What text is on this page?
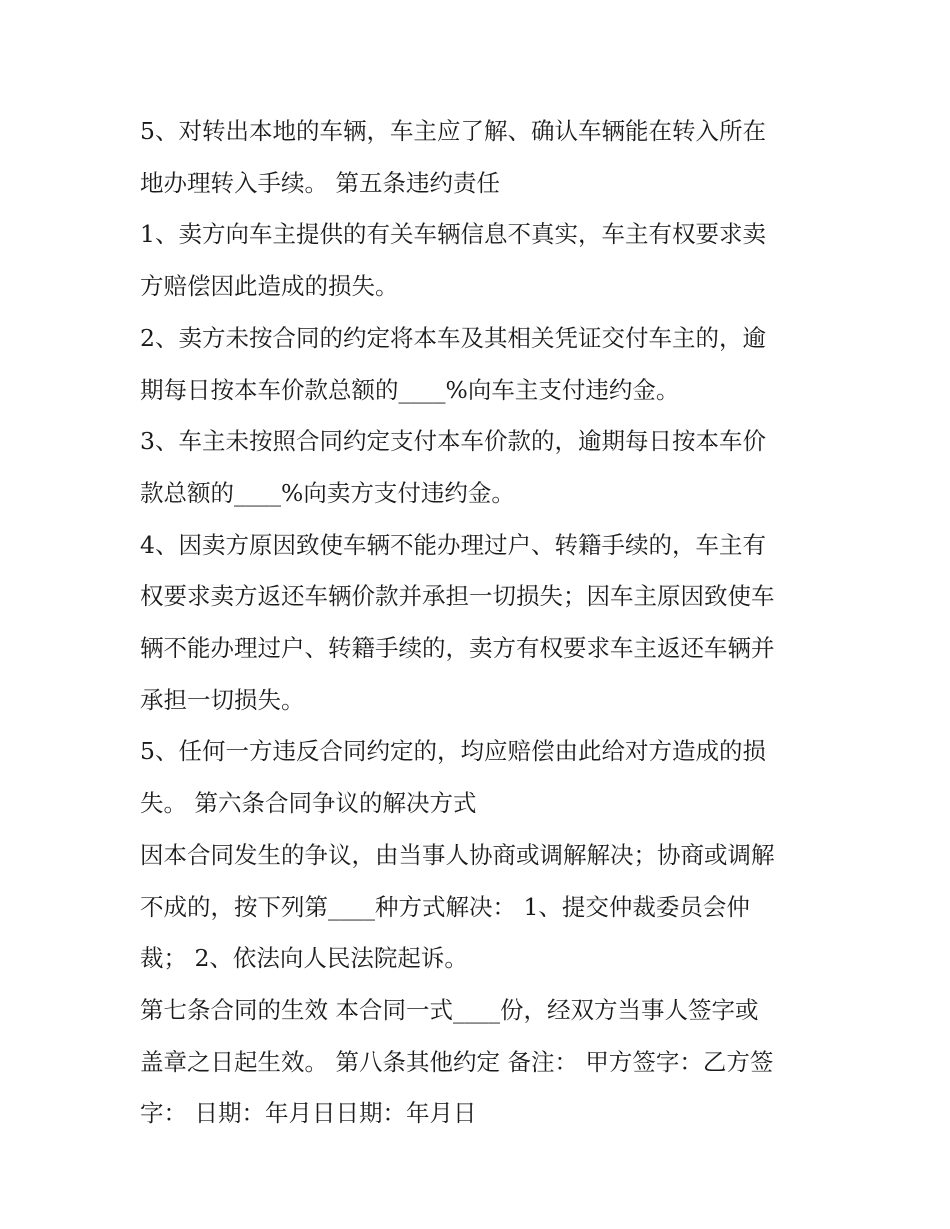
5、对转出本地的车辆，车主应了解、确认车辆能在转入所在
地办理转入手续。 第五条违约责任

1、卖方向车主提供的有关车辆信息不真实，车主有权要求卖
方赔偿因此造成的损失。

2、卖方未按合同的约定将本车及其相关凭证交付车主的，逾
期每日按本车价款总额的____%向车主支付违约金。

3、车主未按照合同约定支付本车价款的，逾期每日按本车价
款总额的____%向卖方支付违约金。

4、因卖方原因致使车辆不能办理过户、转籍手续的，车主有
权要求卖方返还车辆价款并承担一切损失；因车主原因致使车
辆不能办理过户、转籍手续的，卖方有权要求车主返还车辆并
承担一切损失。

5、任何一方违反合同约定的，均应赔偿由此给对方造成的损
失。 第六条合同争议的解决方式

因本合同发生的争议，由当事人协商或调解解决；协商或调解
不成的，按下列第____种方式解决： 1、提交仲裁委员会仲
裁； 2、依法向人民法院起诉。

第七条合同的生效 本合同一式____份，经双方当事人签字或
盖章之日起生效。 第八条其他约定 备注： 甲方签字：乙方签
字： 日期：年月日日期：年月日
